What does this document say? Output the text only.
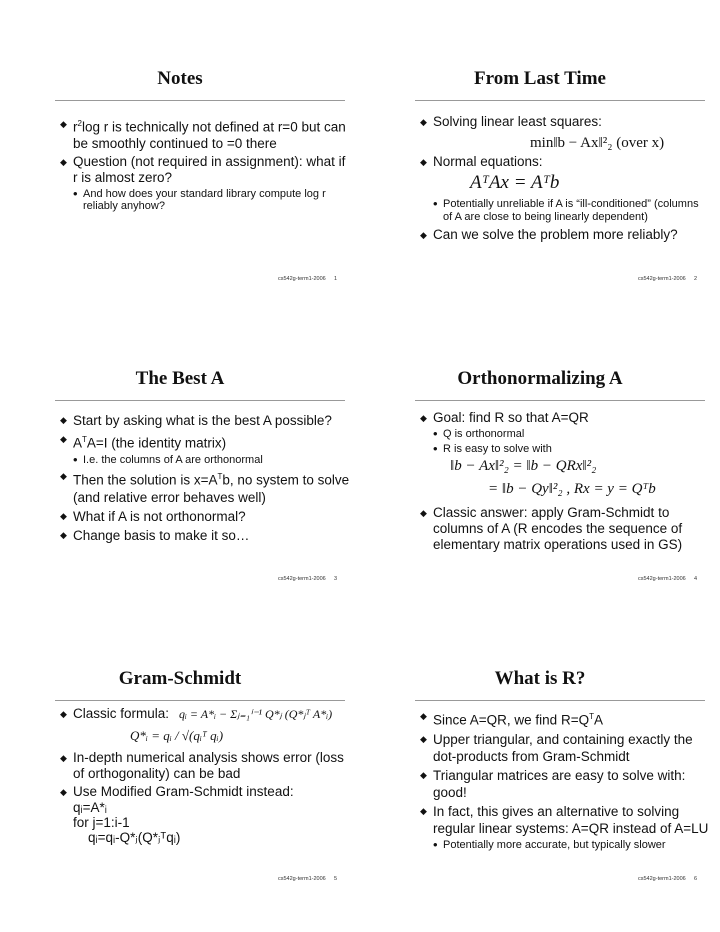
Notes
◆ $r^2\log$ r is technically not defined at r=0 but can be smoothly continued to =0 there
◆ Question (not required in assignment): what if r is almost zero?
• And how does your standard library compute log r reliably anyhow?
cs542g-term1-2006 1
From Last Time
◆ Solving linear least squares:
min‖b − Ax‖²₂ (over x)
◆ Normal equations:
AᵀAx = Aᵀb
• Potentially unreliable if A is “ill-conditioned” (columns of A are close to being linearly dependent)
◆ Can we solve the problem more reliably?
cs542g-term1-2006 2
The Best A
◆ Start by asking what is the best A possible?
◆ $A^TA=I$ (the identity matrix)
• I.e. the columns of A are orthonormal
◆ Then the solution is $x=A^Tb$, no system to solve (and relative error behaves well)
◆ What if A is not orthonormal?
◆ Change basis to make it so…
cs542g-term1-2006 3
Orthonormalizing A
◆ Goal: find R so that A=QR
• Q is orthonormal
• R is easy to solve with
‖b − Ax‖²₂ = ‖b − QRx‖²₂
= ‖b − Qy‖²₂ , Rx = y = Qᵀb
◆ Classic answer: apply Gram-Schmidt to columns of A (R encodes the sequence of elementary matrix operations used in GS)
cs542g-term1-2006 4
Gram-Schmidt
◆ Classic formula: qᵢ = A*ᵢ − Σⱼ₌₁ⁱ⁻¹ Q*ⱼ (Q*ⱼᵀ A*ᵢ)
Q*ᵢ = qᵢ / √(qᵢᵀ qᵢ)
◆ In-depth numerical analysis shows error (loss of orthogonality) can be bad
◆ Use Modified Gram-Schmidt instead:
qᵢ=A*ᵢ
for j=1:i-1
qᵢ=qᵢ-Q*ⱼ(Q*ⱼᵀqᵢ)
cs542g-term1-2006 5
What is R?
◆ Since A=QR, we find $R=Q^TA$
◆ Upper triangular, and containing exactly the dot-products from Gram-Schmidt
◆ Triangular matrices are easy to solve with: good!
◆ In fact, this gives an alternative to solving regular linear systems: A=QR instead of A=LU
• Potentially more accurate, but typically slower
cs542g-term1-2006 6
